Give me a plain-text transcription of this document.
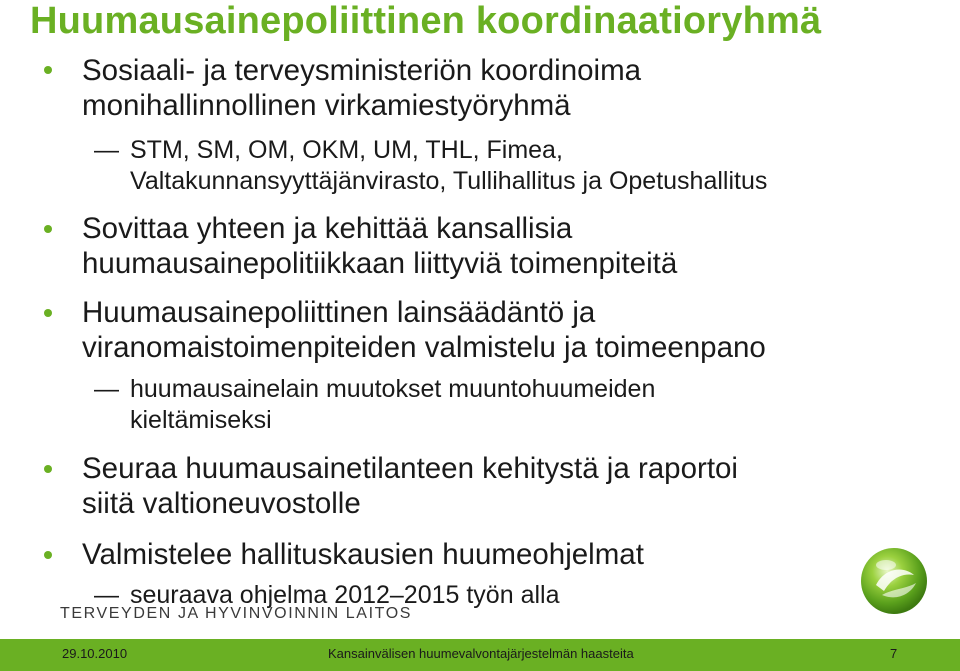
Huumausainepoliittinen koordinaatioryhmä
Sosiaali- ja terveysministeriön koordinoima
monihallinnollinen virkamiestyöryhmä
— STM, SM, OM, OKM, UM, THL, Fimea,
Valtakunnansyyttäjänvirasto, Tullihallitus ja Opetushallitus
Sovittaa yhteen ja kehittää kansallisia
huumausainepolitiikkaan liittyviä toimenpiteitä
Huumausainepoliittinen lainsäädäntö ja
viranomaistoimenpiteiden valmistelu ja toimeenpano
— huumausainelain muutokset muuntohuumeiden
kieltämiseksi
Seuraa huumausainetilanteen kehitystä ja raportoi
siitä valtioneuvostolle
Valmistelee hallituskausien huumeohjelmat
— seuraava ohjelma 2012–2015 työn alla
TERVEYDEN JA HYVINVOINNIN LAITOS
29.10.2010	Kansainvälisen huumevalvontajärjestelmän haasteita	7
